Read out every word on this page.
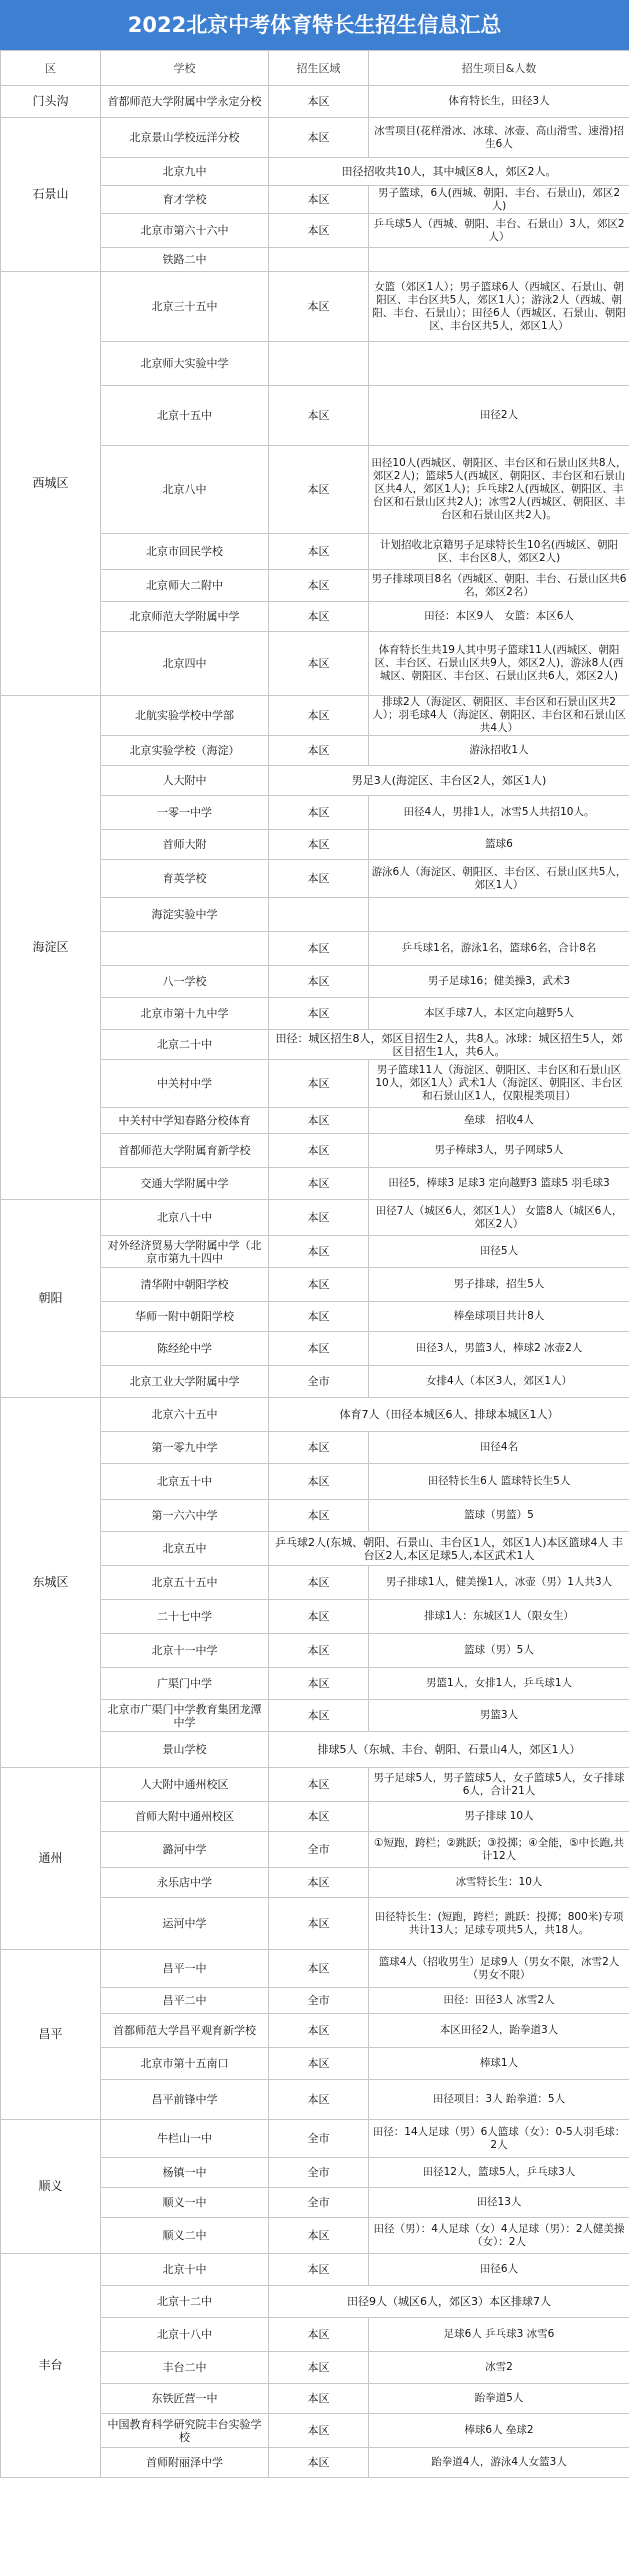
2022北京中考体育特长生招生信息汇总
区	学校	招生区域	招生项目&人数
门头沟	首都师范大学附属中学永定分校	本区	体育特长生，田径3人
石景山	北京景山学校远洋分校	本区	冰雪项目(花样滑冰、冰球、冰壶、高山滑雪、速滑)招生6人
	北京九中	田径招收共10人，其中城区8人，郊区2人。	
	育才学校	本区	男子篮球，6人(西城、朝阳、丰台、石景山)，郊区2人)
	北京市第六十六中	本区	乒乓球5人（西城、朝阳、丰台、石景山）3人，郊区2人）
	铁路二中		
西城区	北京三十五中	本区	女篮（郊区1人）；男子篮球6人（西城区、石景山、朝阳区、丰台区共5人，郊区1人）；游泳2人（西城、朝阳、丰台、石景山）；田径6人（西城区、石景山、朝阳区、丰台区共5人，郊区1人）
	北京师大实验中学		
	北京十五中	本区	田径2人
	北京八中	本区	田径10人(西城区、朝阳区、丰台区和石景山区共8人，郊区2人)；篮球5人(西城区、朝阳区、丰台区和石景山区共4人，郊区1人)；乒乓球2人(西城区、朝阳区、丰台区和石景山区共2人)；冰雪2人(西城区、朝阳区、丰台区和石景山区共2人)。
	北京市回民学校	本区	计划招收北京籍男子足球特长生10名(西城区、朝阳区、丰台区8人，郊区2人)
	北京师大二附中	本区	男子排球项目8名（西城区、朝阳、丰台、石景山区共6名，郊区2名）
	北京师范大学附属中学	本区	田径：本区9人　女篮：本区6人
	北京四中	本区	体育特长生共19人其中男子篮球11人(西城区、朝阳区、丰台区、石景山区共9人，郊区2人)，游泳8人(西城区、朝阳区、丰台区、石景山区共6人，郊区2人)
海淀区	北航实验学校中学部	本区	排球2人（海淀区、朝阳区、丰台区和石景山区共2人）；羽毛球4人（海淀区、朝阳区、丰台区和石景山区共4人）
	北京实验学校（海淀）	本区	游泳招收1人
	人大附中	男足3人(海淀区、丰台区2人，郊区1人)	
	一零一中学	本区	田径4人，男排1人，冰雪5人共招10人。
	首师大附	本区	篮球6
	育英学校	本区	游泳6人（海淀区、朝阳区、丰台区、石景山区共5人，郊区1人）
	海淀实验中学		
		本区	乒乓球1名，游泳1名，篮球6名，合计8名
	八一学校	本区	男子足球16；健美操3，武术3
	北京市第十九中学	本区	本区手球7人，本区定向越野5人
	北京二十中	田径：城区招生8人，郊区目招生2人，共8人。冰球：城区招生5人，郊区目招生1人，共6人。	
	中关村中学	本区	男子篮球11人（海淀区、朝阳区、丰台区和石景山区10人，郊区1人）武术1人（海淀区、朝阳区、丰台区和石景山区1人，仅限棍类项目）
	中关村中学知春路分校体育	本区	垒球　招收4人
	首都师范大学附属育新学校	本区	男子棒球3人，男子网球5人
	交通大学附属中学	本区	田径5，棒球3 足球3 定向越野3 篮球5 羽毛球3
朝阳	北京八十中	本区	田径7人（城区6人，郊区1人） 女篮8人（城区6人，郊区2人）
	对外经济贸易大学附属中学（北京市第九十四中	本区	田径5人
	清华附中朝阳学校	本区	男子排球，招生5人
	华师一附中朝阳学校	本区	棒垒球项目共计8人
	陈经纶中学	本区	田径3人，男篮3人，棒球2 冰壶2人
	北京工业大学附属中学	全市	女排4人（本区3人，郊区1人）
东城区	北京六十五中	体育7人（田径本城区6人、排球本城区1人）	
	第一零九中学	本区	田径4名
	北京五十中	本区	田径特长生6人 篮球特长生5人
	第一六六中学	本区	篮球（男篮）5
	北京五中	乒乓球2人(东城、朝阳、石景山、丰台区1人，郊区1人)本区篮球4人 丰台区2人,本区足球5人,本区武术1人	
	北京五十五中	本区	男子排球1人，健美操1人，冰壶（男）1人共3人
	二十七中学	本区	排球1人：东城区1人（限女生）
	北京十一中学	本区	篮球（男）5人
	广渠门中学	本区	男篮1人，女排1人，乒乓球1人
	北京市广渠门中学教育集团龙潭中学	本区	男篮3人
	景山学校	排球5人（东城、丰台、朝阳、石景山4人，郊区1人）	
通州	人大附中通州校区	本区	男子足球5人，男子篮球5人，女子篮球5人，女子排球6人，合计21人
	首师大附中通州校区	本区	男子排球 10人
	潞河中学	全市	①短跑，跨栏；②跳跃；③投掷；④全能，⑤中长跑,共计12人
	永乐店中学	本区	冰雪特长生：10人
	运河中学	本区	田径特长生：(短跑，跨栏；跳跃：投掷；800米)专项共计13人；足球专项共5人，共18人。
昌平	昌平一中	本区	篮球4人（招收男生）足球9人（男女不限，冰雪2人（男女不限）
	昌平二中	全市	田径：田径3人 冰雪2人
	首都师范大学昌平观育新学校	本区	本区田径2人，跆拳道3人
	北京市第十五南口	本区	棒球1人
	昌平前锋中学	本区	田径项目：3人 跆拳道：5人
顺义	牛栏山一中	全市	田径：14人足球（男）6人篮球（女）：0-5人羽毛球：2人
	杨镇一中	全市	田径12人，篮球5人，乒乓球3人
	顺义一中	全市	田径13人
	顺义二中	本区	田径（男）：4人足球（女）4人足球（男）：2人健美操（女）：2人
丰台	北京十中	本区	田径6人
	北京十二中	田径9人（城区6人，郊区3）本区排球7人	
	北京十八中	本区	足球6人 乒乓球3 冰雪6
	丰台二中	本区	冰雪2
	东铁匠营一中	本区	跆拳道5人
	中国教育科学研究院丰台实验学校	本区	棒球6人 垒球2
	首师附丽泽中学	本区	跆拳道4人，游泳4人女篮3人
